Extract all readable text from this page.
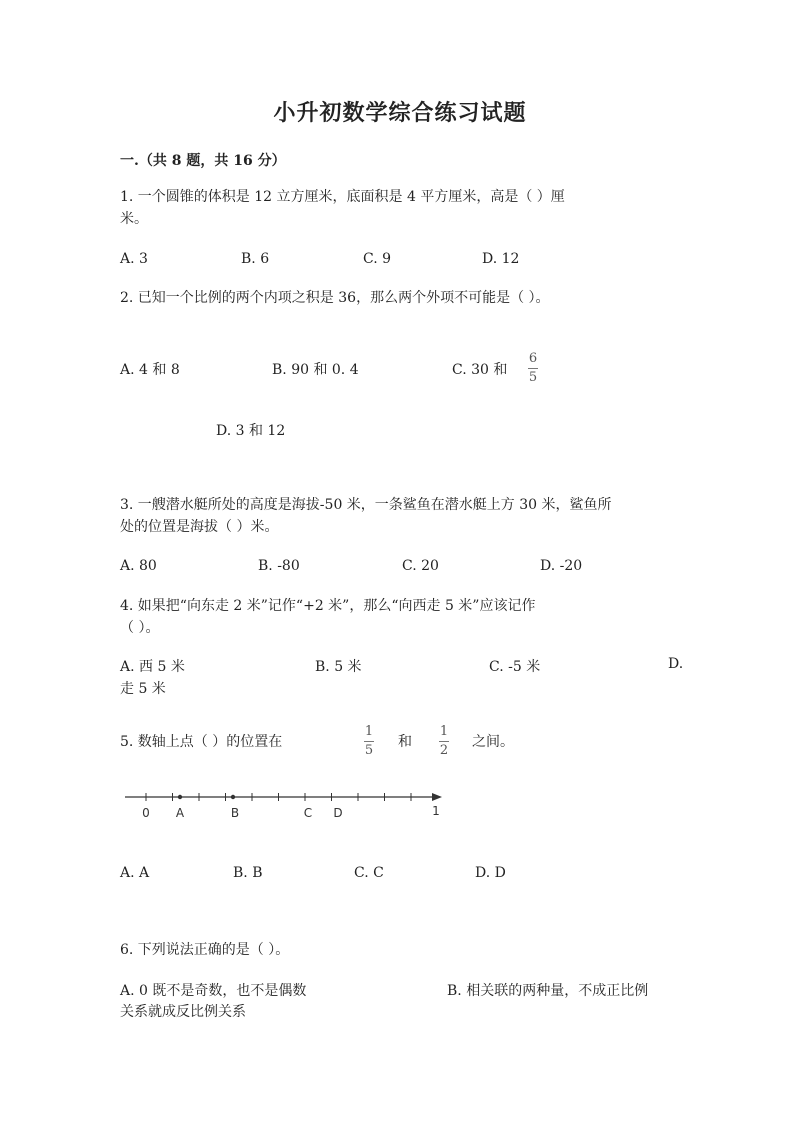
小升初数学综合练习试题
一.（共 8 题，共 16 分）
1. 一个圆锥的体积是 12 立方厘米，底面积是 4 平方厘米，高是（ ）厘
米。
A. 3	B. 6	C. 9	D. 12
2. 已知一个比例的两个内项之积是 36，那么两个外项不可能是（ ）。
A. 4 和 8	B. 90 和 0. 4	C. 30 和
6
5
D. 3 和 12
3. 一艘潜水艇所处的高度是海拔-50 米，一条鲨鱼在潜水艇上方 30 米，鲨鱼所
处的位置是海拔（ ）米。
A. 80	B. -80	C. 20	D. -20
4. 如果把“向东走 2 米”记作“+2 米”，那么“向西走 5 米”应该记作
（ ）。
A. 西 5 米	B. 5 米	C. -5 米	D.
走 5 米
5. 数轴上点（ ）的位置在
1
5
和
1
2
之间。
0 A	B	C D	1
A. A	B. B	C. C	D. D
6. 下列说法正确的是（ ）。
A. 0 既不是奇数，也不是偶数	B. 相关联的两种量，不成正比例
关系就成反比例关系
